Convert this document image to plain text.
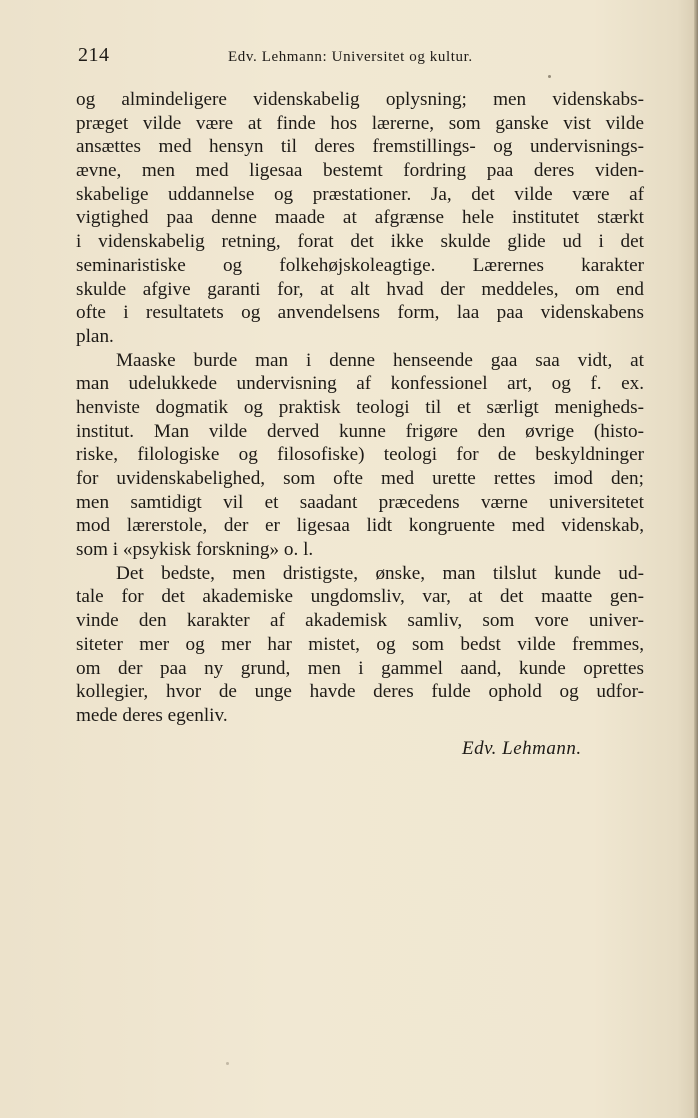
214	Edv. Lehmann: Universitet og kultur.
og almindeligere videnskabelig oplysning; men videnskabs-
præget vilde være at finde hos lærerne, som ganske vist vilde
ansættes med hensyn til deres fremstillings- og undervisnings-
ævne, men med ligesaa bestemt fordring paa deres viden-
skabelige uddannelse og præstationer. Ja, det vilde være af
vigtighed paa denne maade at afgrænse hele institutet stærkt
i videnskabelig retning, forat det ikke skulde glide ud i det
seminaristiske og folkehøjskoleagtige. Lærernes karakter
skulde afgive garanti for, at alt hvad der meddeles, om end
ofte i resultatets og anvendelsens form, laa paa videnskabens
plan.
Maaske burde man i denne henseende gaa saa vidt, at
man udelukkede undervisning af konfessionel art, og f. ex.
henviste dogmatik og praktisk teologi til et særligt menigheds-
institut. Man vilde derved kunne frigøre den øvrige (histo-
riske, filologiske og filosofiske) teologi for de beskyldninger
for uvidenskabelighed, som ofte med urette rettes imod den;
men samtidigt vil et saadant præcedens værne universitetet
mod lærerstole, der er ligesaa lidt kongruente med videnskab,
som i «psykisk forskning» o. l.
Det bedste, men dristigste, ønske, man tilslut kunde ud-
tale for det akademiske ungdomsliv, var, at det maatte gen-
vinde den karakter af akademisk samliv, som vore univer-
siteter mer og mer har mistet, og som bedst vilde fremmes,
om der paa ny grund, men i gammel aand, kunde oprettes
kollegier, hvor de unge havde deres fulde ophold og udfor-
mede deres egenliv.
Edv. Lehmann.
